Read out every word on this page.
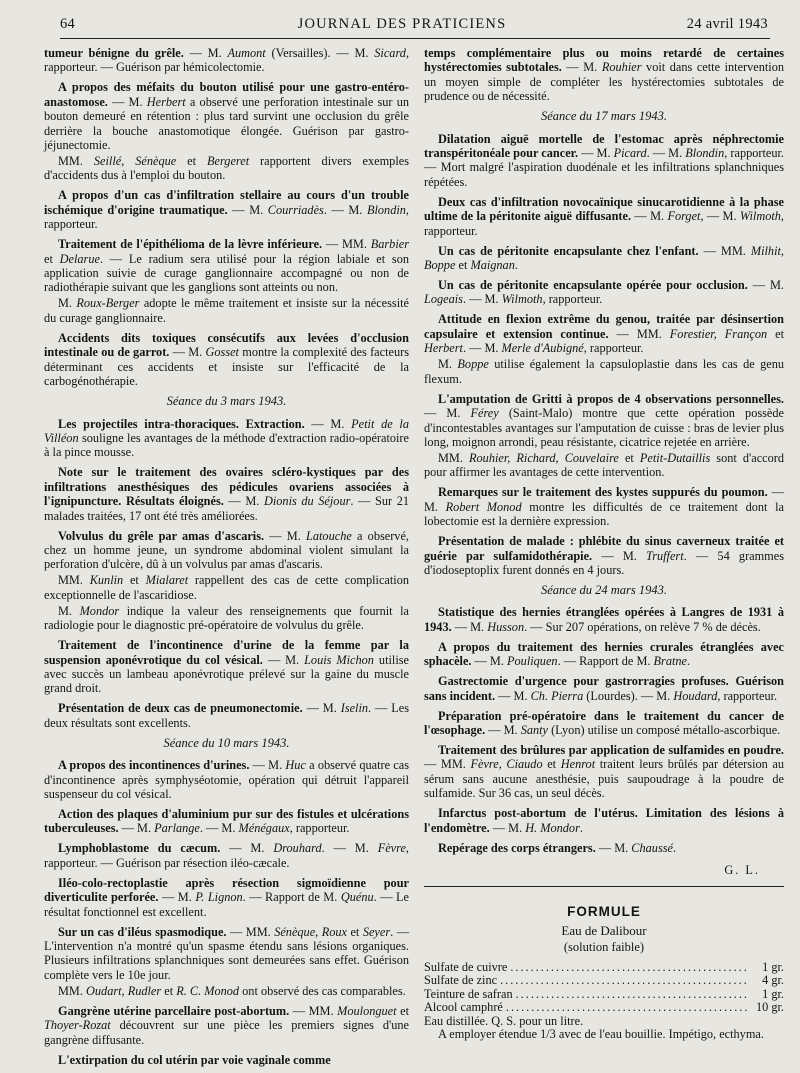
64	JOURNAL DES PRATICIENS	24 avril 1943

tumeur bénigne du grêle. — M. Aumont (Versailles). — M. Sicard, rapporteur. — Guérison par hémicolectomie.

A propos des méfaits du bouton utilisé pour une gastro-entéro-anastomose. — M. Herbert a observé une perforation intestinale sur un bouton demeuré en rétention : plus tard survint une occlusion du grêle derrière la bouche anastomotique élongée. Guérison par gastro-jéjunectomie.

MM. Seillé, Sénèque et Bergeret rapportent divers exemples d'accidents dus à l'emploi du bouton.

A propos d'un cas d'infiltration stellaire au cours d'un trouble ischémique d'origine traumatique. — M. Courriadès. — M. Blondin, rapporteur.

Traitement de l'épithélioma de la lèvre inférieure. — MM. Barbier et Delarue. — Le radium sera utilisé pour la région labiale et son application suivie de curage ganglionnaire accompagné ou non de radiothérapie suivant que les ganglions sont atteints ou non.

M. Roux-Berger adopte le même traitement et insiste sur la nécessité du curage ganglionnaire.

Accidents dits toxiques consécutifs aux levées d'occlusion intestinale ou de garrot. — M. Gosset montre la complexité des facteurs déterminant ces accidents et insiste sur l'efficacité de la carbogénothérapie.

Séance du 3 mars 1943.

Les projectiles intra-thoraciques. Extraction. — M. Petit de la Villéon souligne les avantages de la méthode d'extraction radio-opératoire à la pince mousse.

Note sur le traitement des ovaires scléro-kystiques par des infiltrations anesthésiques des pédicules ovariens associées à l'ignipuncture. Résultats éloignés. — M. Dionis du Séjour. — Sur 21 malades traitées, 17 ont été très améliorées.

Volvulus du grêle par amas d'ascaris. — M. Latouche a observé, chez un homme jeune, un syndrome abdominal violent simulant la perforation d'ulcère, dû à un volvulus par amas d'ascaris.

MM. Kunlin et Mialaret rappellent des cas de cette complication exceptionnelle de l'ascaridiose.

M. Mondor indique la valeur des renseignements que fournit la radiologie pour le diagnostic pré-opératoire de volvulus du grêle.

Traitement de l'incontinence d'urine de la femme par la suspension aponévrotique du col vésical. — M. Louis Michon utilise avec succès un lambeau aponévrotique prélevé sur la gaine du muscle grand droit.

Présentation de deux cas de pneumonectomie. — M. Iselin. — Les deux résultats sont excellents.

Séance du 10 mars 1943.

A propos des incontinences d'urines. — M. Huc a observé quatre cas d'incontinence après symphyséotomie, opération qui détruit l'appareil suspenseur du col vésical.

Action des plaques d'aluminium pur sur des fistules et ulcérations tuberculeuses. — M. Parlange. — M. Ménégaux, rapporteur.

Lymphoblastome du cæcum. — M. Drouhard. — M. Fèvre, rapporteur. — Guérison par résection iléo-cæcale.

Iléo-colo-rectoplastie après résection sigmoïdienne pour diverticulite perforée. — M. P. Lignon. — Rapport de M. Quénu. — Le résultat fonctionnel est excellent.

Sur un cas d'iléus spasmodique. — MM. Sénèque, Roux et Seyer. — L'intervention n'a montré qu'un spasme étendu sans lésions organiques. Plusieurs infiltrations splanchniques sont demeurées sans effet. Guérison complète vers le 10e jour.

MM. Oudart, Rudler et R. C. Monod ont observé des cas comparables.

Gangrène utérine parcellaire post-abortum. — MM. Moulonguet et Thoyer-Rozat découvrent sur une pièce les premiers signes d'une gangrène diffusante.

L'extirpation du col utérin par voie vaginale comme

temps complémentaire plus ou moins retardé de certaines hystérectomies subtotales. — M. Rouhier voit dans cette intervention un moyen simple de compléter les hystérectomies subtotales de prudence ou de nécessité.

Séance du 17 mars 1943.

Dilatation aiguë mortelle de l'estomac après néphrectomie transpéritonéale pour cancer. — M. Picard. — M. Blondin, rapporteur. — Mort malgré l'aspiration duodénale et les infiltrations splanchniques répétées.

Deux cas d'infiltration novocaïnique sinucarotidienne à la phase ultime de la péritonite aiguë diffusante. — M. Forget, — M. Wilmoth, rapporteur.

Un cas de péritonite encapsulante chez l'enfant. — MM. Milhit, Boppe et Maignan.

Un cas de péritonite encapsulante opérée pour occlusion. — M. Logeais. — M. Wilmoth, rapporteur.

Attitude en flexion extrême du genou, traitée par désinsertion capsulaire et extension continue. — MM. Forestier, Françon et Herbert. — M. Merle d'Aubigné, rapporteur.

M. Boppe utilise également la capsuloplastie dans les cas de genu flexum.

L'amputation de Gritti à propos de 4 observations personnelles. — M. Férey (Saint-Malo) montre que cette opération possède d'incontestables avantages sur l'amputation de cuisse : bras de levier plus long, moignon arrondi, peau résistante, cicatrice rejetée en arrière.

MM. Rouhier, Richard, Couvelaire et Petit-Dutaillis sont d'accord pour affirmer les avantages de cette intervention.

Remarques sur le traitement des kystes suppurés du poumon. — M. Robert Monod montre les difficultés de ce traitement dont la lobectomie est la dernière expression.

Présentation de malade : phlébite du sinus caverneux traitée et guérie par sulfamidothérapie. — M. Truffert. — 54 grammes d'iodoseptoplix furent donnés en 4 jours.

Séance du 24 mars 1943.

Statistique des hernies étranglées opérées à Langres de 1931 à 1943. — M. Husson. — Sur 207 opérations, on relève 7 % de décès.

A propos du traitement des hernies crurales étranglées avec sphacèle. — M. Pouliquen. — Rapport de M. Bratne.

Gastrectomie d'urgence pour gastrorragies profuses. Guérison sans incident. — M. Ch. Pierra (Lourdes). — M. Houdard, rapporteur.

Préparation pré-opératoire dans le traitement du cancer de l'œsophage. — M. Santy (Lyon) utilise un composé métallo-ascorbique.

Traitement des brûlures par application de sulfamides en poudre. — MM. Fèvre, Ciaudo et Henrot traitent leurs brûlés par détersion au sérum sans aucune anesthésie, puis saupoudrage à la poudre de sulfamide. Sur 36 cas, un seul décès.

Infarctus post-abortum de l'utérus. Limitation des lésions à l'endomètre. — M. H. Mondor.

Repérage des corps étrangers. — M. Chaussé.

G. L.
FORMULE
Eau de Dalibour
(solution faible)
Sulfate de cuivre .....	1 gr.
Sulfate de zinc .....	4 gr.
Teinture de safran .....	1 gr.
Alcool camphré .....	10 gr.
Eau distillée. Q. S. pour un litre.
A employer étendue 1/3 avec de l'eau bouillie. Impétigo, ecthyma.
